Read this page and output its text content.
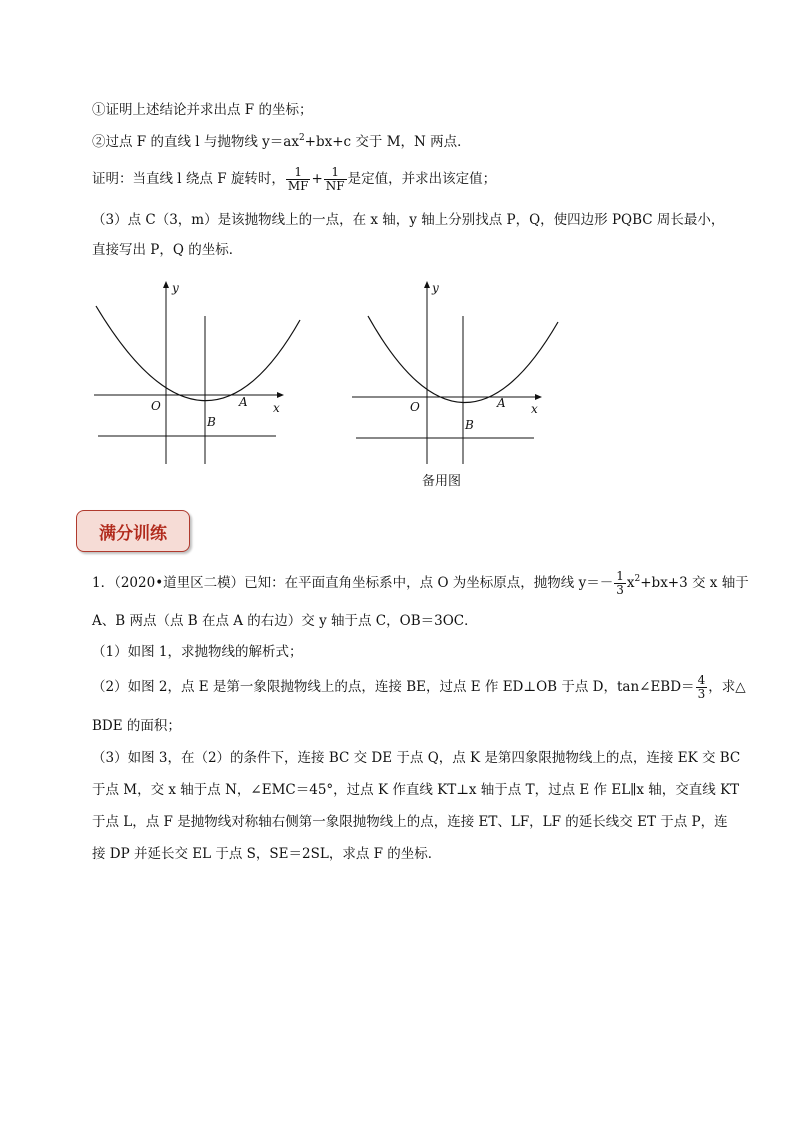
①证明上述结论并求出点 F 的坐标；
②过点 F 的直线 l 与抛物线 $y=ax^2+bx+c$ 交于 M，N 两点．
证明：当直线 l 绕点 F 旋转时， $\frac{1}{MF} + \frac{1}{NF}$ 是定值，并求出该定值；
（3）点 C（3，m）是该抛物线上的一点，在 x 轴，y 轴上分别找点 P，Q，使四边形 PQBC 周长最小，
直接写出 P，Q 的坐标．
y
x
O	A
B
y
x
O	A
B
备用图
满分训练
1．（2020•道里区二模）已知：在平面直角坐标系中，点 O 为坐标原点，抛物线 $y=- \frac{1}{3} x^2+bx+3$ 交 x 轴于
A、B 两点（点 B 在点 A 的右边）交 y 轴于点 C，OB＝3OC．
（1）如图 1，求抛物线的解析式；
（2）如图 2，点 E 是第一象限抛物线上的点，连接 BE，过点 E 作 ED⊥OB 于点 D，tan∠EBD＝ $\frac{4}{3}$ ，求△
BDE 的面积；
（3）如图 3，在（2）的条件下，连接 BC 交 DE 于点 Q，点 K 是第四象限抛物线上的点，连接 EK 交 BC
于点 M，交 x 轴于点 N，∠EMC＝45°，过点 K 作直线 KT⊥x 轴于点 T，过点 E 作 EL∥x 轴，交直线 KT
于点 L，点 F 是抛物线对称轴右侧第一象限抛物线上的点，连接 ET、LF，LF 的延长线交 ET 于点 P，连
接 DP 并延长交 EL 于点 S，SE＝2SL，求点 F 的坐标．
